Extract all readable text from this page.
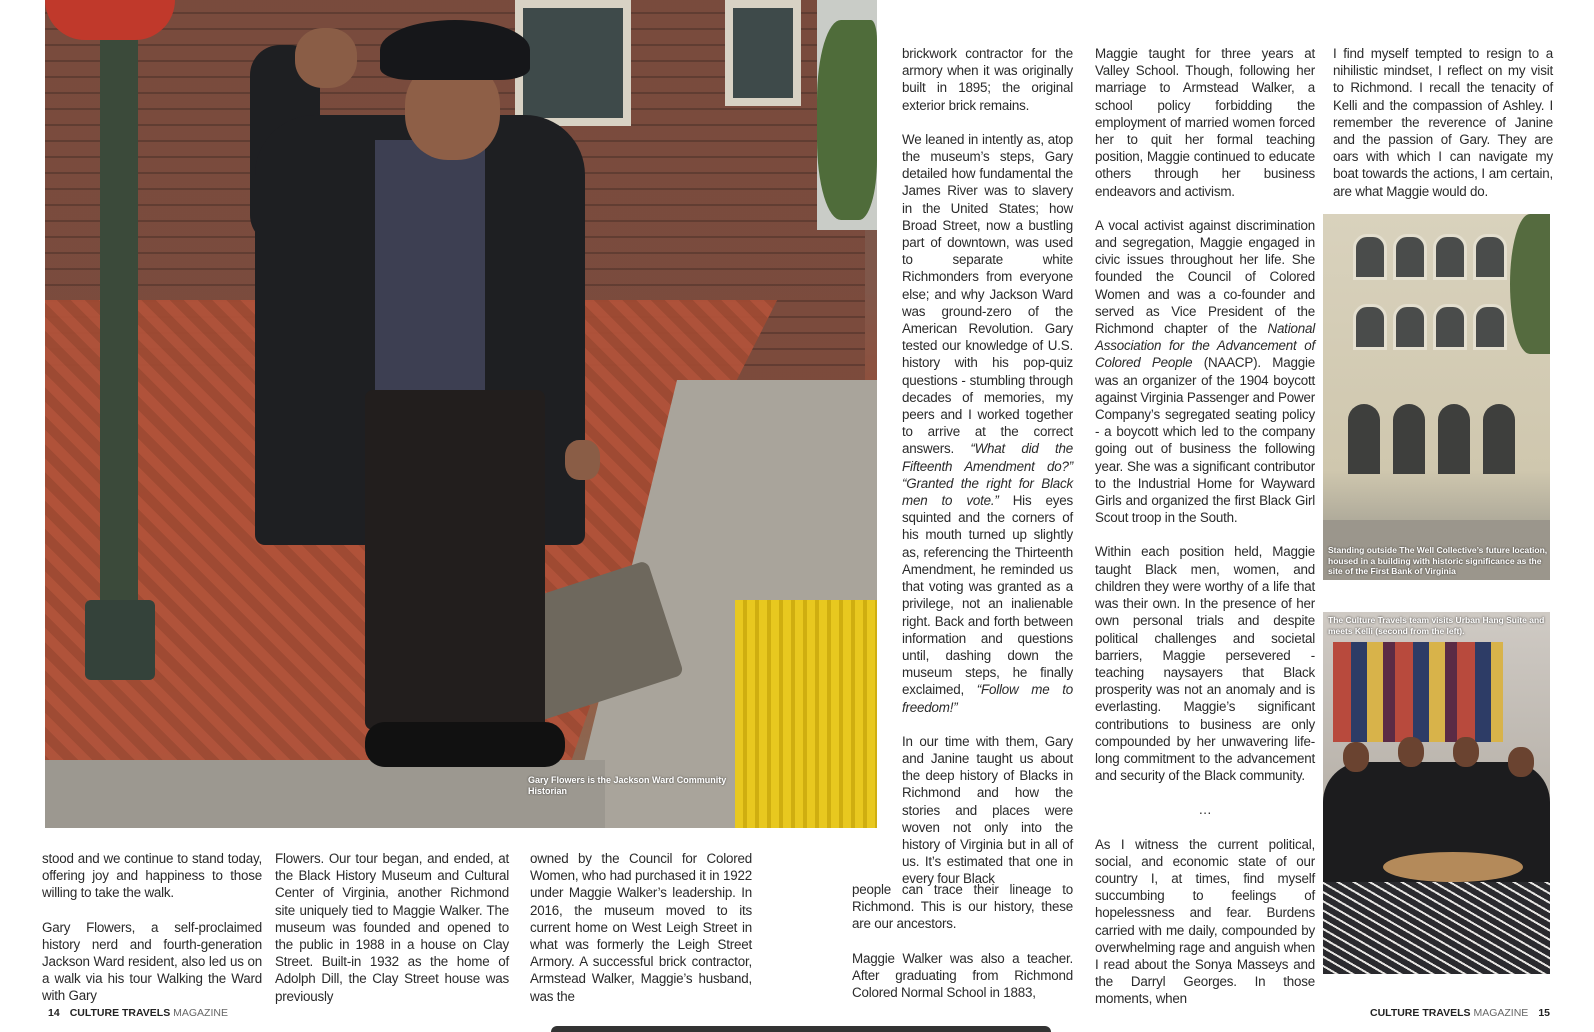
Gary Flowers is the Jackson Ward Community Historian

stood and we continue to stand today, offering joy and happiness to those willing to take the walk.

Gary Flowers, a self-proclaimed history nerd and fourth-generation Jackson Ward resident, also led us on a walk via his tour Walking the Ward with Gary

Flowers. Our tour began, and ended, at the Black History Museum and Cultural Center of Virginia, another Richmond site uniquely tied to Maggie Walker. The museum was founded and opened to the public in 1988 in a house on Clay Street. Built-in 1932 as the home of Adolph Dill, the Clay Street house was previously

owned by the Council for Colored Women, who had purchased it in 1922 under Maggie Walker’s leadership. In 2016, the museum moved to its current home on West Leigh Street in what was formerly the Leigh Street Armory. A successful brick contractor, Armstead Walker, Maggie’s husband, was the

brickwork contractor for the armory when it was originally built in 1895; the original exterior brick remains.

We leaned in intently as, atop the museum’s steps, Gary detailed how fundamental the James River was to slavery in the United States; how Broad Street, now a bustling part of downtown, was used to separate white Richmonders from everyone else; and why Jackson Ward was ground-zero of the American Revolution. Gary tested our knowledge of U.S. history with his pop-quiz questions - stumbling through decades of memories, my peers and I worked together to arrive at the correct answers. “What did the Fifteenth Amendment do?” “Granted the right for Black men to vote.” His eyes squinted and the corners of his mouth turned up slightly as, referencing the Thirteenth Amendment, he reminded us that voting was granted as a privilege, not an inalienable right. Back and forth between information and questions until, dashing down the museum steps, he finally exclaimed, “Follow me to freedom!”

In our time with them, Gary and Janine taught us about the deep history of Blacks in Richmond and how the stories and places were woven not only into the history of Virginia but in all of us. It’s estimated that one in every four Black

people can trace their lineage to Richmond. This is our history, these are our ancestors.

Maggie Walker was also a teacher. After graduating from Richmond Colored Normal School in 1883,

Maggie taught for three years at Valley School. Though, following her marriage to Armstead Walker, a school policy forbidding the employment of married women forced her to quit her formal teaching position, Maggie continued to educate others through her business endeavors and activism.

A vocal activist against discrimination and segregation, Maggie engaged in civic issues throughout her life. She founded the Council of Colored Women and was a co-founder and served as Vice President of the Richmond chapter of the National Association for the Advancement of Colored People (NAACP). Maggie was an organizer of the 1904 boycott against Virginia Passenger and Power Company’s segregated seating policy - a boycott which led to the company going out of business the following year. She was a significant contributor to the Industrial Home for Wayward Girls and organized the first Black Girl Scout troop in the South.

Within each position held, Maggie taught Black men, women, and children they were worthy of a life that was their own. In the presence of her own personal trials and despite political challenges and societal barriers, Maggie persevered - teaching naysayers that Black prosperity was not an anomaly and is everlasting. Maggie’s significant contributions to business are only compounded by her unwavering life-long commitment to the advancement and security of the Black community.

…

As I witness the current political, social, and economic state of our country I, at times, find myself succumbing to feelings of hopelessness and fear. Burdens carried with me daily, compounded by overwhelming rage and anguish when I read about the Sonya Masseys and the Darryl Georges. In those moments, when

I find myself tempted to resign to a nihilistic mindset, I reflect on my visit to Richmond. I recall the tenacity of Kelli and the compassion of Ashley. I remember the reverence of Janine and the passion of Gary. They are oars with which I can navigate my boat towards the actions, I am certain, are what Maggie would do.

Standing outside The Well Collective’s future location, housed in a building with historic significance as the site of the First Bank of Virginia
The Culture Travels team visits Urban Hang Suite and meets Kelli (second from the left).
14 CULTURE TRAVELS MAGAZINE	CULTURE TRAVELS MAGAZINE 15
